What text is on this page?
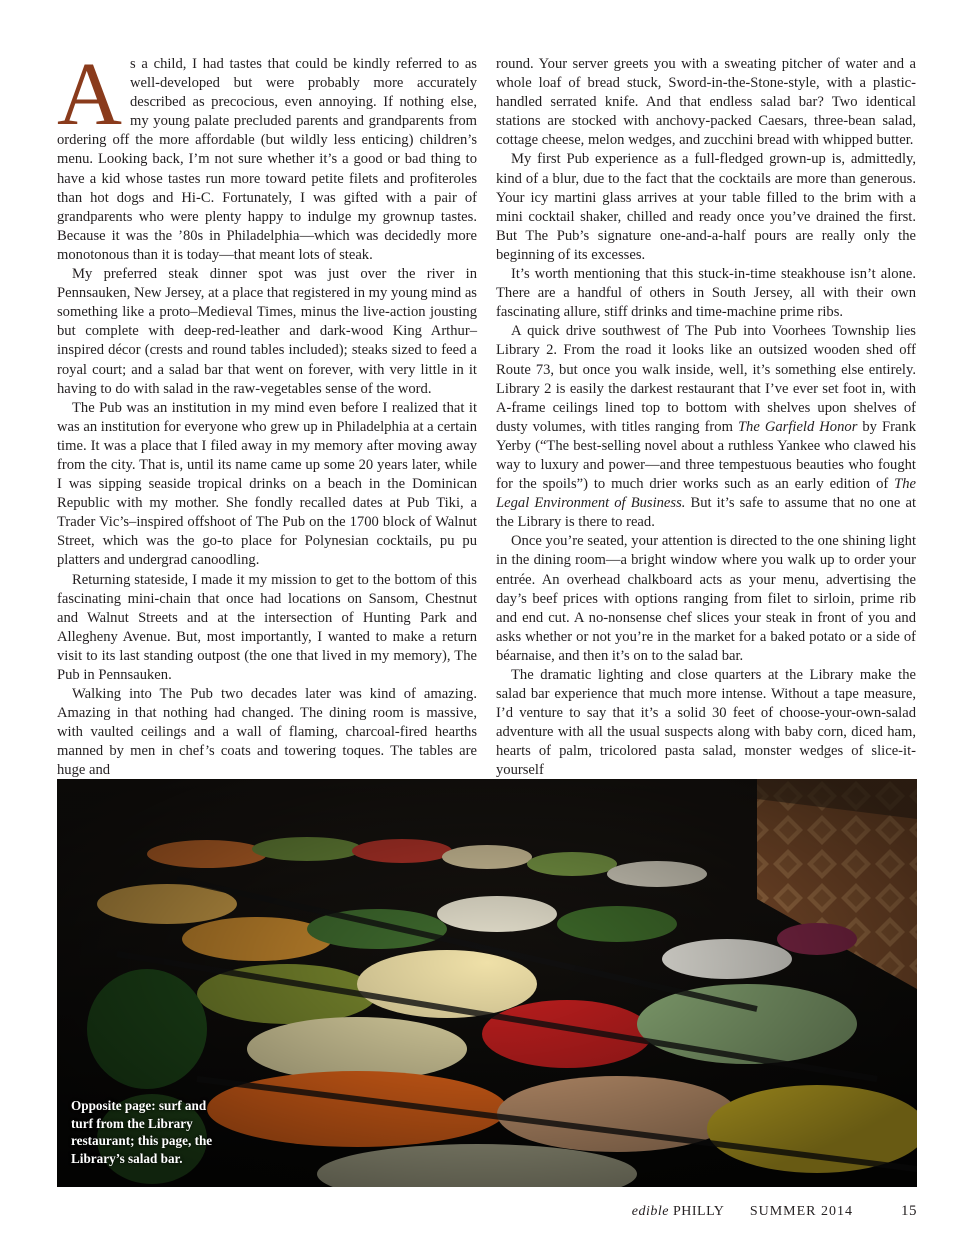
As a child, I had tastes that could be kindly referred to as well-developed but were probably more accurately described as precocious, even annoying. If nothing else, my young palate precluded parents and grandparents from ordering off the more affordable (but wildly less enticing) children’s menu. Looking back, I’m not sure whether it’s a good or bad thing to have a kid whose tastes run more toward petite filets and profiteroles than hot dogs and Hi-C. Fortunately, I was gifted with a pair of grandparents who were plenty happy to indulge my grownup tastes. Because it was the ’80s in Philadelphia—which was decidedly more monotonous than it is today—that meant lots of steak.

My preferred steak dinner spot was just over the river in Pennsauken, New Jersey, at a place that registered in my young mind as something like a proto–Medieval Times, minus the live-action jousting but complete with deep-red-leather and dark-wood King Arthur–inspired décor (crests and round tables included); steaks sized to feed a royal court; and a salad bar that went on forever, with very little in it having to do with salad in the raw-vegetables sense of the word.

The Pub was an institution in my mind even before I realized that it was an institution for everyone who grew up in Philadelphia at a certain time. It was a place that I filed away in my memory after moving away from the city. That is, until its name came up some 20 years later, while I was sipping seaside tropical drinks on a beach in the Dominican Republic with my mother. She fondly recalled dates at Pub Tiki, a Trader Vic’s–inspired offshoot of The Pub on the 1700 block of Walnut Street, which was the go-to place for Polynesian cocktails, pu pu platters and undergrad canoodling.

Returning stateside, I made it my mission to get to the bottom of this fascinating mini-chain that once had locations on Sansom, Chestnut and Walnut Streets and at the intersection of Hunting Park and Allegheny Avenue. But, most importantly, I wanted to make a return visit to its last standing outpost (the one that lived in my memory), The Pub in Pennsauken.

Walking into The Pub two decades later was kind of amazing. Amazing in that nothing had changed. The dining room is massive, with vaulted ceilings and a wall of flaming, charcoal-fired hearths manned by men in chef’s coats and towering toques. The tables are huge and

round. Your server greets you with a sweating pitcher of water and a whole loaf of bread stuck, Sword-in-the-Stone-style, with a plastic-handled serrated knife. And that endless salad bar? Two identical stations are stocked with anchovy-packed Caesars, three-bean salad, cottage cheese, melon wedges, and zucchini bread with whipped butter.

My first Pub experience as a full-fledged grown-up is, admittedly, kind of a blur, due to the fact that the cocktails are more than generous. Your icy martini glass arrives at your table filled to the brim with a mini cocktail shaker, chilled and ready once you’ve drained the first. But The Pub’s signature one-and-a-half pours are really only the beginning of its excesses.

It’s worth mentioning that this stuck-in-time steakhouse isn’t alone. There are a handful of others in South Jersey, all with their own fascinating allure, stiff drinks and time-machine prime ribs.

A quick drive southwest of The Pub into Voorhees Township lies Library 2. From the road it looks like an outsized wooden shed off Route 73, but once you walk inside, well, it’s something else entirely. Library 2 is easily the darkest restaurant that I’ve ever set foot in, with A-frame ceilings lined top to bottom with shelves upon shelves of dusty volumes, with titles ranging from The Garfield Honor by Frank Yerby (“The best-selling novel about a ruthless Yankee who clawed his way to luxury and power—and three tempestuous beauties who fought for the spoils”) to much drier works such as an early edition of The Legal Environment of Business. But it’s safe to assume that no one at the Library is there to read.

Once you’re seated, your attention is directed to the one shining light in the dining room—a bright window where you walk up to order your entrée. An overhead chalkboard acts as your menu, advertising the day’s beef prices with options ranging from filet to sirloin, prime rib and end cut. A no-nonsense chef slices your steak in front of you and asks whether or not you’re in the market for a baked potato or a side of béarnaise, and then it’s on to the salad bar.

The dramatic lighting and close quarters at the Library make the salad bar experience that much more intense. Without a tape measure, I’d venture to say that it’s a solid 30 feet of choose-your-own-salad adventure with all the usual suspects along with baby corn, diced ham, hearts of palm, tricolored pasta salad, monster wedges of slice-it-yourself

Opposite page: surf and turf from the Library restaurant; this page, the Library’s salad bar.
edible PHILLY SUMMER 2014	15
